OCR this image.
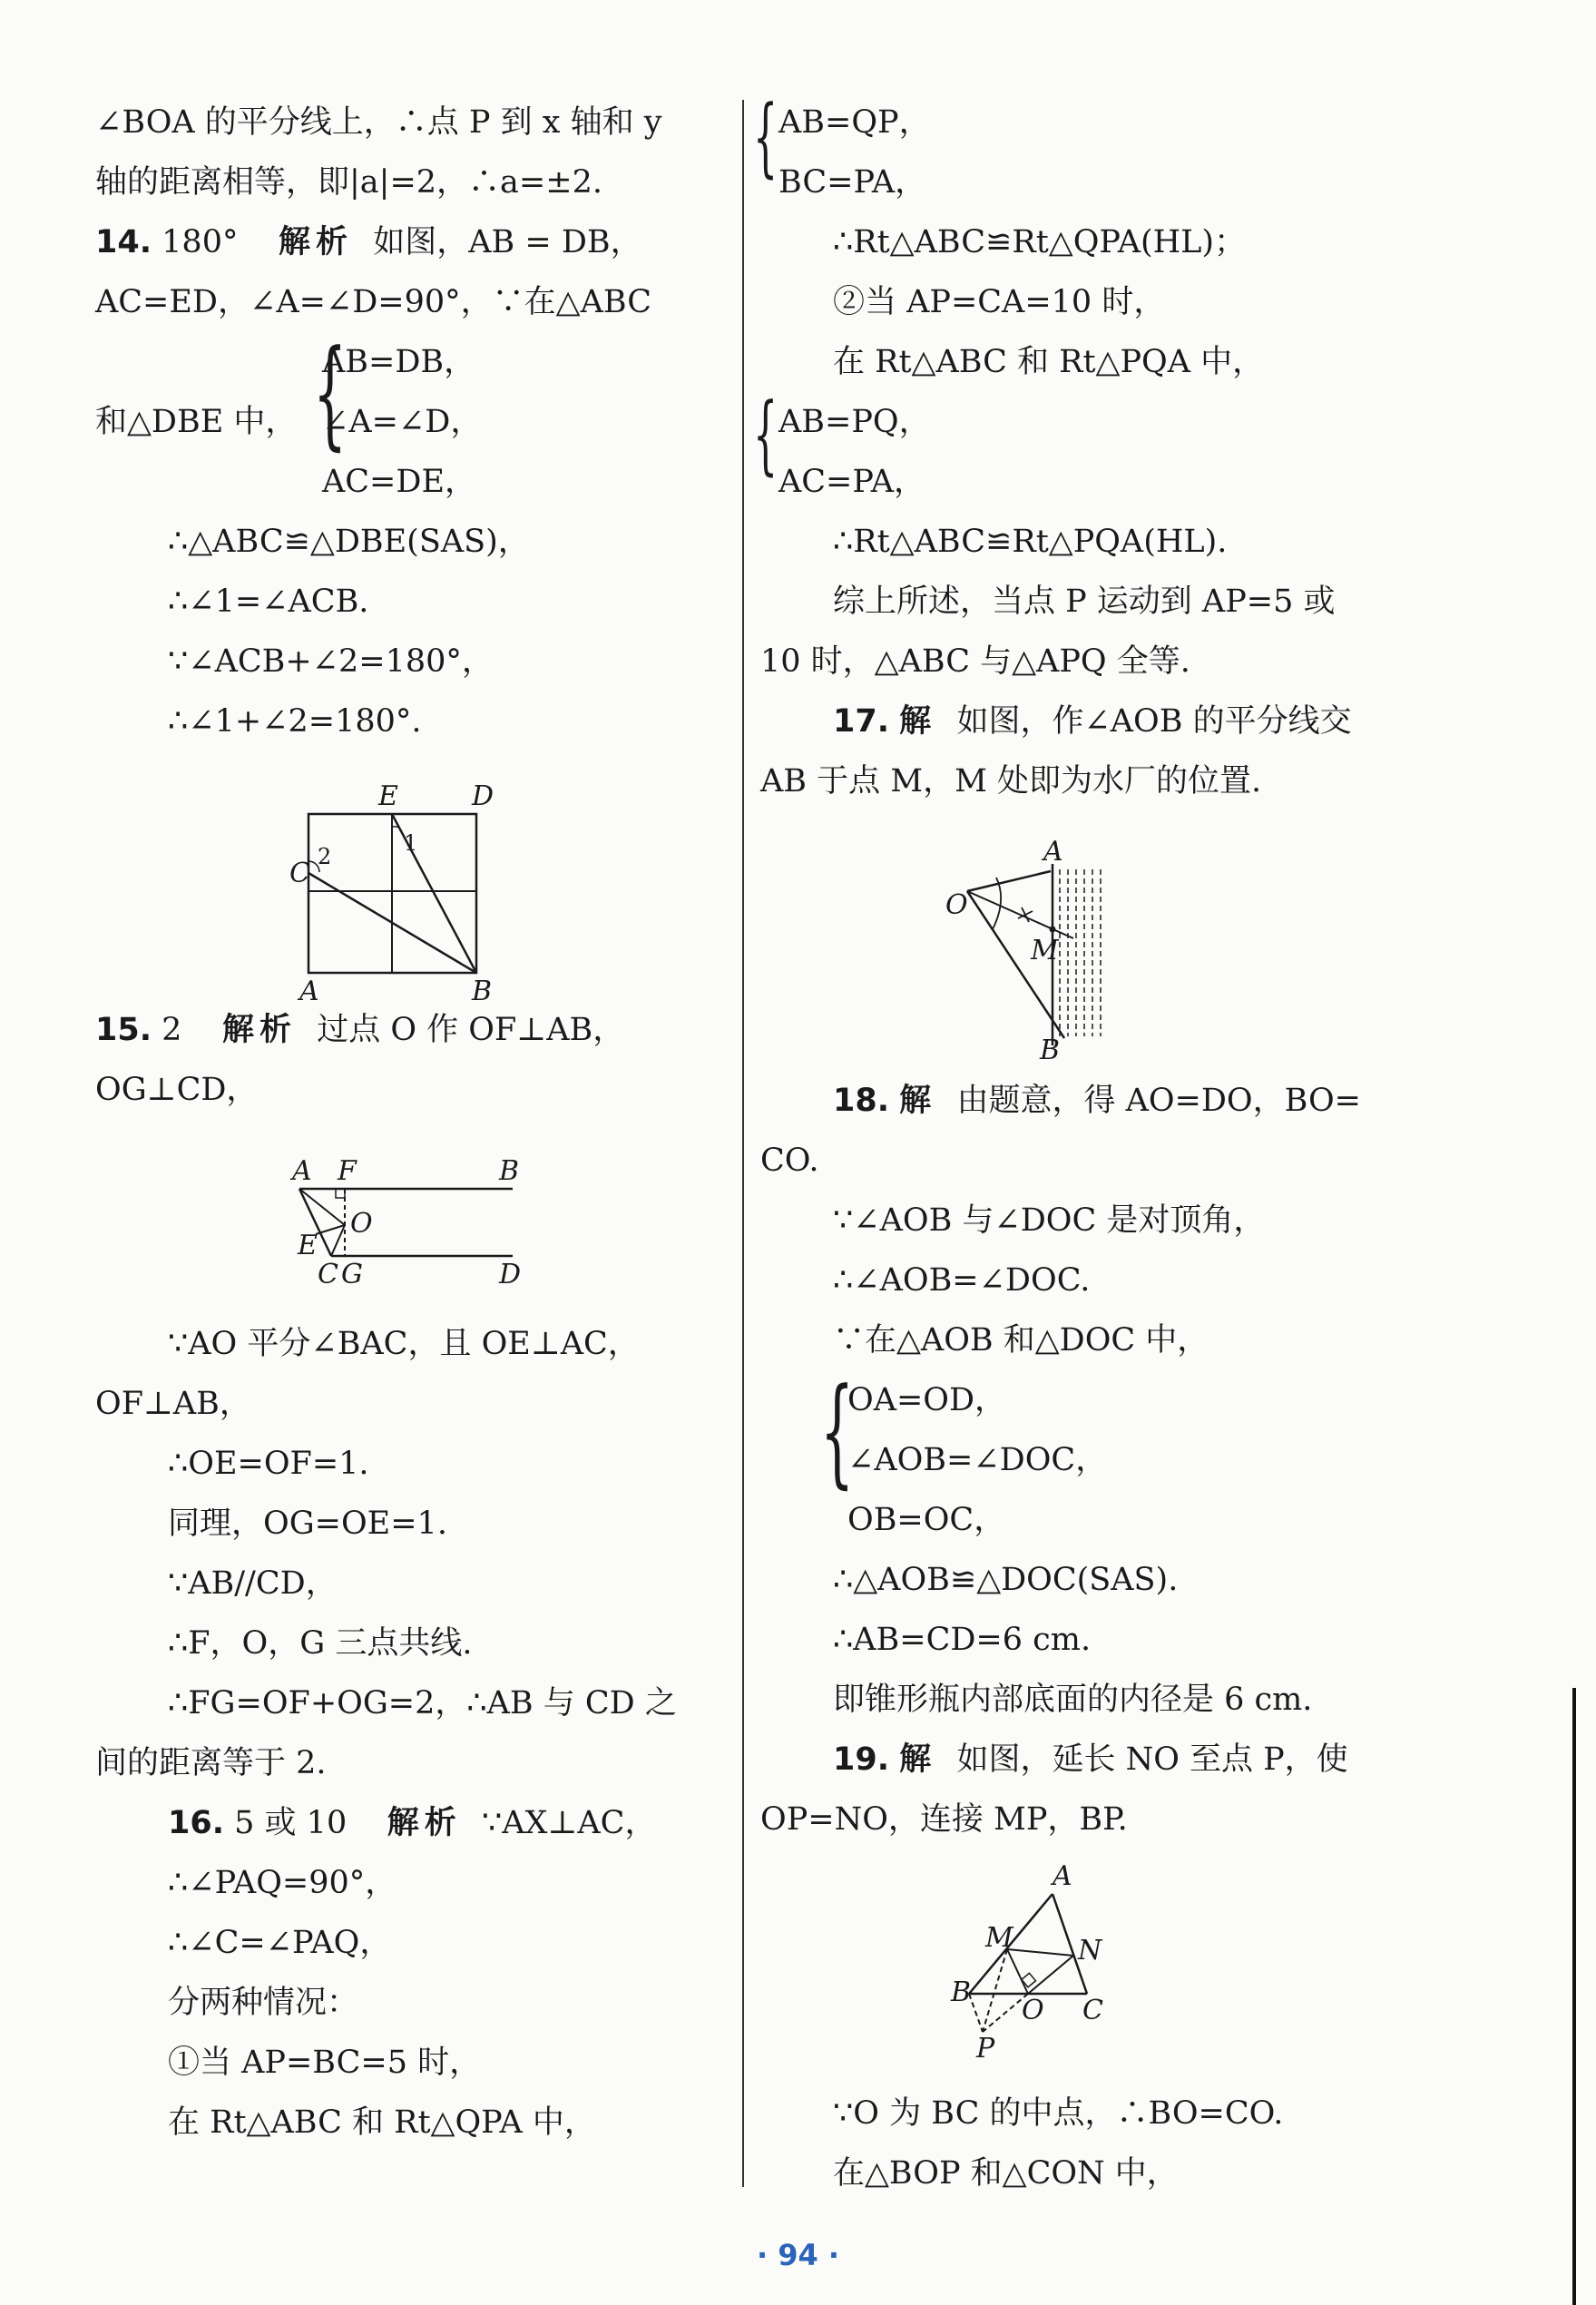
∠BOA 的平分线上，∴点 P 到 x 轴和 y
轴的距离相等，即|a|=2，∴a=±2.
14. 180° 解析 如图，AB = DB，
AC=ED，∠A=∠D=90°，∵在△ABC
{
AB=DB，
和△DBE 中， ∠A=∠D，
AC=DE，
∴△ABC≌△DBE(SAS)，
∴∠1=∠ACB.
∵∠ACB+∠2=180°，
∴∠1+∠2=180°.
E	D
1
2
C
A	B
15. 2 解析 过点 O 作 OF⊥AB，
OG⊥CD，
A F	B
O
E
C G	D
∵AO 平分∠BAC，且 OE⊥AC，
OF⊥AB，
∴OE=OF=1.
同理，OG=OE=1.
∵AB//CD，
∴F，O，G 三点共线.
∴FG=OF+OG=2，∴AB 与 CD 之
间的距离等于 2.
16. 5 或 10 解析 ∵AX⊥AC，
∴∠PAQ=90°，
∴∠C=∠PAQ，
分两种情况：
①当 AP=BC=5 时，
在 Rt△ABC 和 Rt△QPA 中，
{ AB=QP，
BC=PA，
∴Rt△ABC≌Rt△QPA(HL)；
②当 AP=CA=10 时，
在 Rt△ABC 和 Rt△PQA 中，
{ AB=PQ，
AC=PA，
∴Rt△ABC≌Rt△PQA(HL).
综上所述，当点 P 运动到 AP=5 或
10 时，△ABC 与△APQ 全等.
17. 解 如图，作∠AOB 的平分线交
AB 于点 M，M 处即为水厂的位置.
A
O
M
B
18. 解 由题意，得 AO=DO，BO=
CO.
∵∠AOB 与∠DOC 是对顶角，
∴∠AOB=∠DOC.
∵在△AOB 和△DOC 中，
{
OA=OD，
∠AOB=∠DOC，
OB=OC，
∴△AOB≌△DOC(SAS).
∴AB=CD=6 cm.
即锥形瓶内部底面的内径是 6 cm.
19. 解 如图，延长 NO 至点 P，使
OP=NO，连接 MP，BP.
A
M N
B
O C
P
∵O 为 BC 的中点，∴BO=CO.
在△BOP 和△CON 中，
· 94 ·
